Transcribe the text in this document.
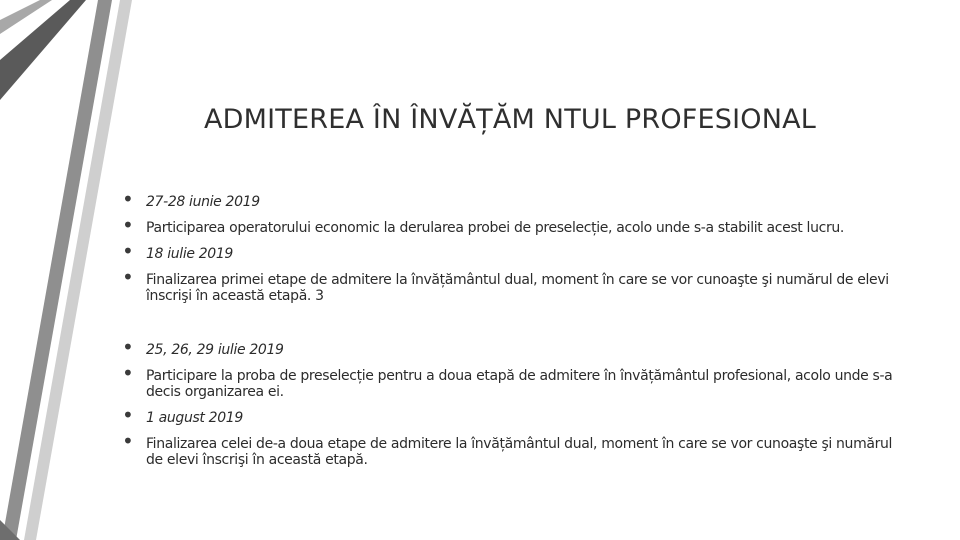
ADMITEREA ÎN ÎNVĂȚĂM NTUL PROFESIONAL
• 27-28 iunie 2019
• Participarea operatorului economic la derularea probei de preselecție, acolo unde s-a stabilit acest lucru.
• 18 iulie 2019
• Finalizarea primei etape de admitere la învățământul dual, moment în care se vor cunoaşte şi numărul de elevi înscrişi în această etapă. 3
• 25, 26, 29 iulie 2019
• Participare la proba de preselecție pentru a doua etapă de admitere în învățământul profesional, acolo unde s-a decis organizarea ei.
• 1 august 2019
• Finalizarea celei de-a doua etape de admitere la învățământul dual, moment în care se vor cunoaşte şi numărul de elevi înscrişi în această etapă.
